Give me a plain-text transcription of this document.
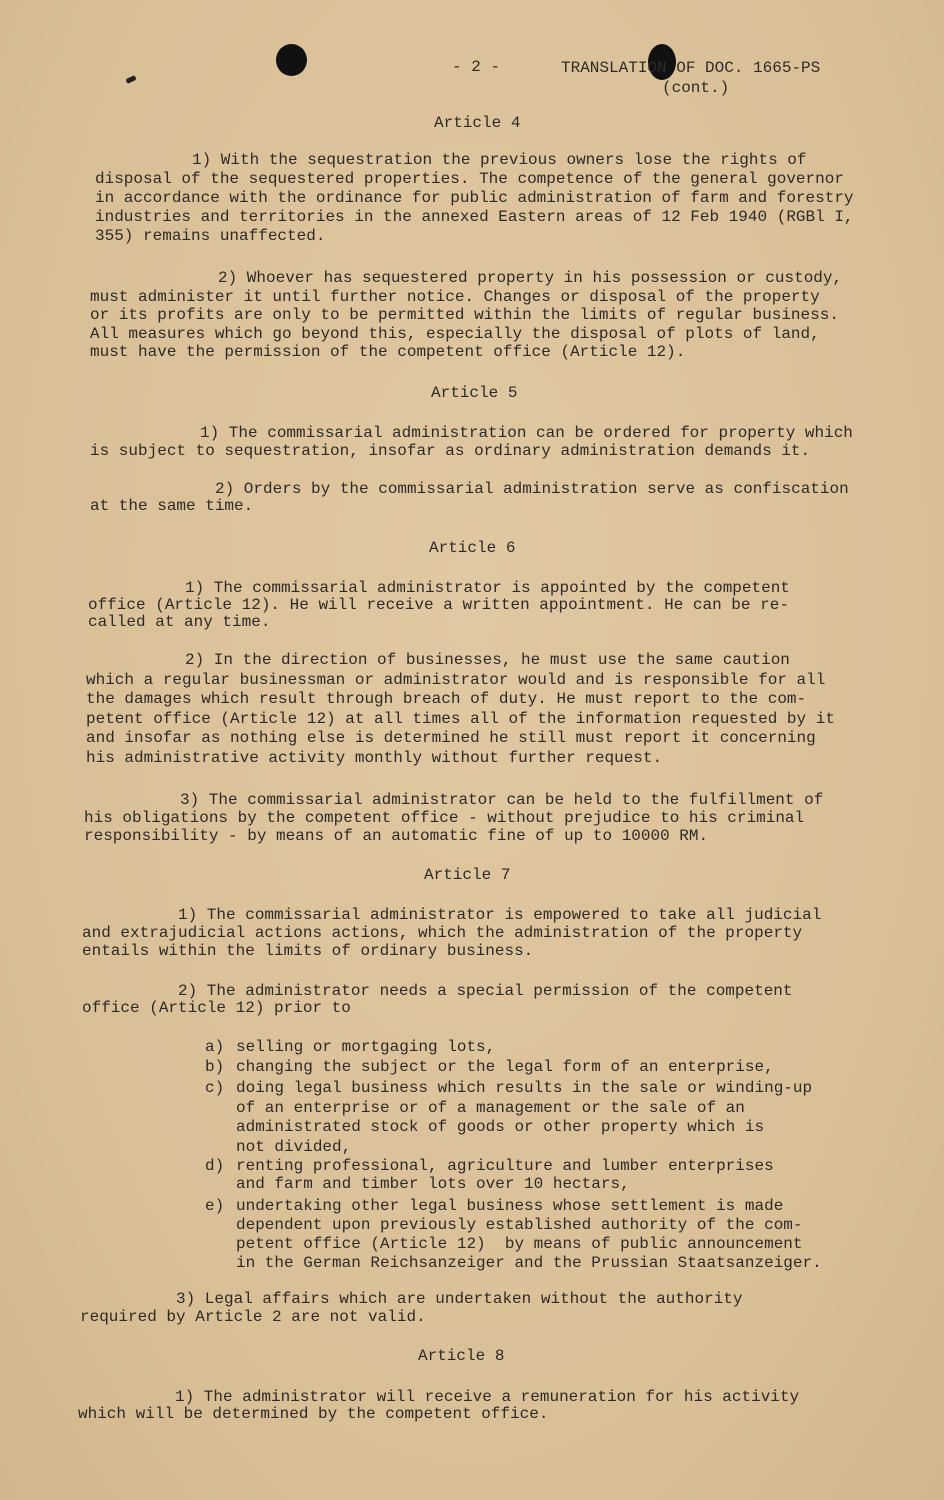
- 2 -	TRANSLATION OF DOC. 1665-PS
(cont.)
Article 4
1) With the sequestration the previous owners lose the rights of
disposal of the sequestered properties. The competence of the general governor
in accordance with the ordinance for public administration of farm and forestry
industries and territories in the annexed Eastern areas of 12 Feb 1940 (RGBl I,
355) remains unaffected.
2) Whoever has sequestered property in his possession or custody,
must administer it until further notice. Changes or disposal of the property
or its profits are only to be permitted within the limits of regular business.
All measures which go beyond this, especially the disposal of plots of land,
must have the permission of the competent office (Article 12).
Article 5
1) The commissarial administration can be ordered for property which
is subject to sequestration, insofar as ordinary administration demands it.
2) Orders by the commissarial administration serve as confiscation
at the same time.
Article 6
1) The commissarial administrator is appointed by the competent
office (Article 12). He will receive a written appointment. He can be re-
called at any time.
2) In the direction of businesses, he must use the same caution
which a regular businessman or administrator would and is responsible for all
the damages which result through breach of duty. He must report to the com-
petent office (Article 12) at all times all of the information requested by it
and insofar as nothing else is determined he still must report it concerning
his administrative activity monthly without further request.
3) The commissarial administrator can be held to the fulfillment of
his obligations by the competent office - without prejudice to his criminal
responsibility - by means of an automatic fine of up to 10000 RM.
Article 7
1) The commissarial administrator is empowered to take all judicial
and extrajudicial actions actions, which the administration of the property
entails within the limits of ordinary business.
2) The administrator needs a special permission of the competent
office (Article 12) prior to
a) selling or mortgaging lots,
b) changing the subject or the legal form of an enterprise,
c) doing legal business which results in the sale or winding-up
of an enterprise or of a management or the sale of an
administrated stock of goods or other property which is
not divided,
d) renting professional, agriculture and lumber enterprises
and farm and timber lots over 10 hectars,
e) undertaking other legal business whose settlement is made
dependent upon previously established authority of the com-
petent office (Article 12)  by means of public announcement
in the German Reichsanzeiger and the Prussian Staatsanzeiger.
3) Legal affairs which are undertaken without the authority
required by Article 2 are not valid.
Article 8
1) The administrator will receive a remuneration for his activity
which will be determined by the competent office.
